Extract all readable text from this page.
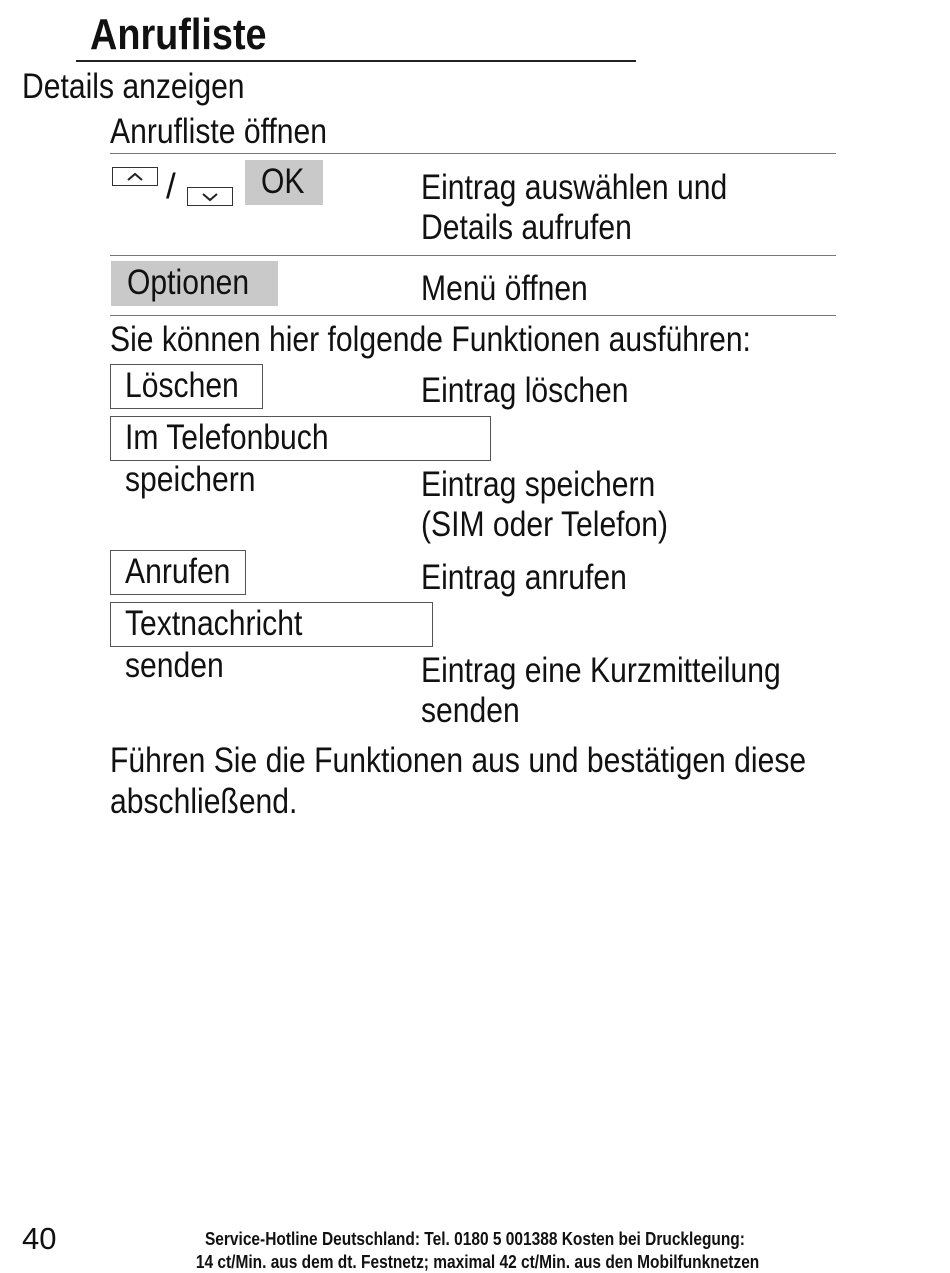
Anrufliste
Details anzeigen
Anrufliste öffnen
/	OK	Eintrag auswählen und
Details aufrufen
Optionen	Menü öffnen
Sie können hier folgende Funktionen ausführen:
Löschen	Eintrag löschen
Im Telefonbuch speichern	Eintrag speichern
(SIM oder Telefon)
Anrufen	Eintrag anrufen
Textnachricht senden	Eintrag eine Kurzmitteilung
senden
Führen Sie die Funktionen aus und bestätigen diese
abschließend.
40	Service-Hotline Deutschland: Tel. 0180 5 001388 Kosten bei Drucklegung:
14 ct/Min. aus dem dt. Festnetz; maximal 42 ct/Min. aus den Mobilfunknetzen
